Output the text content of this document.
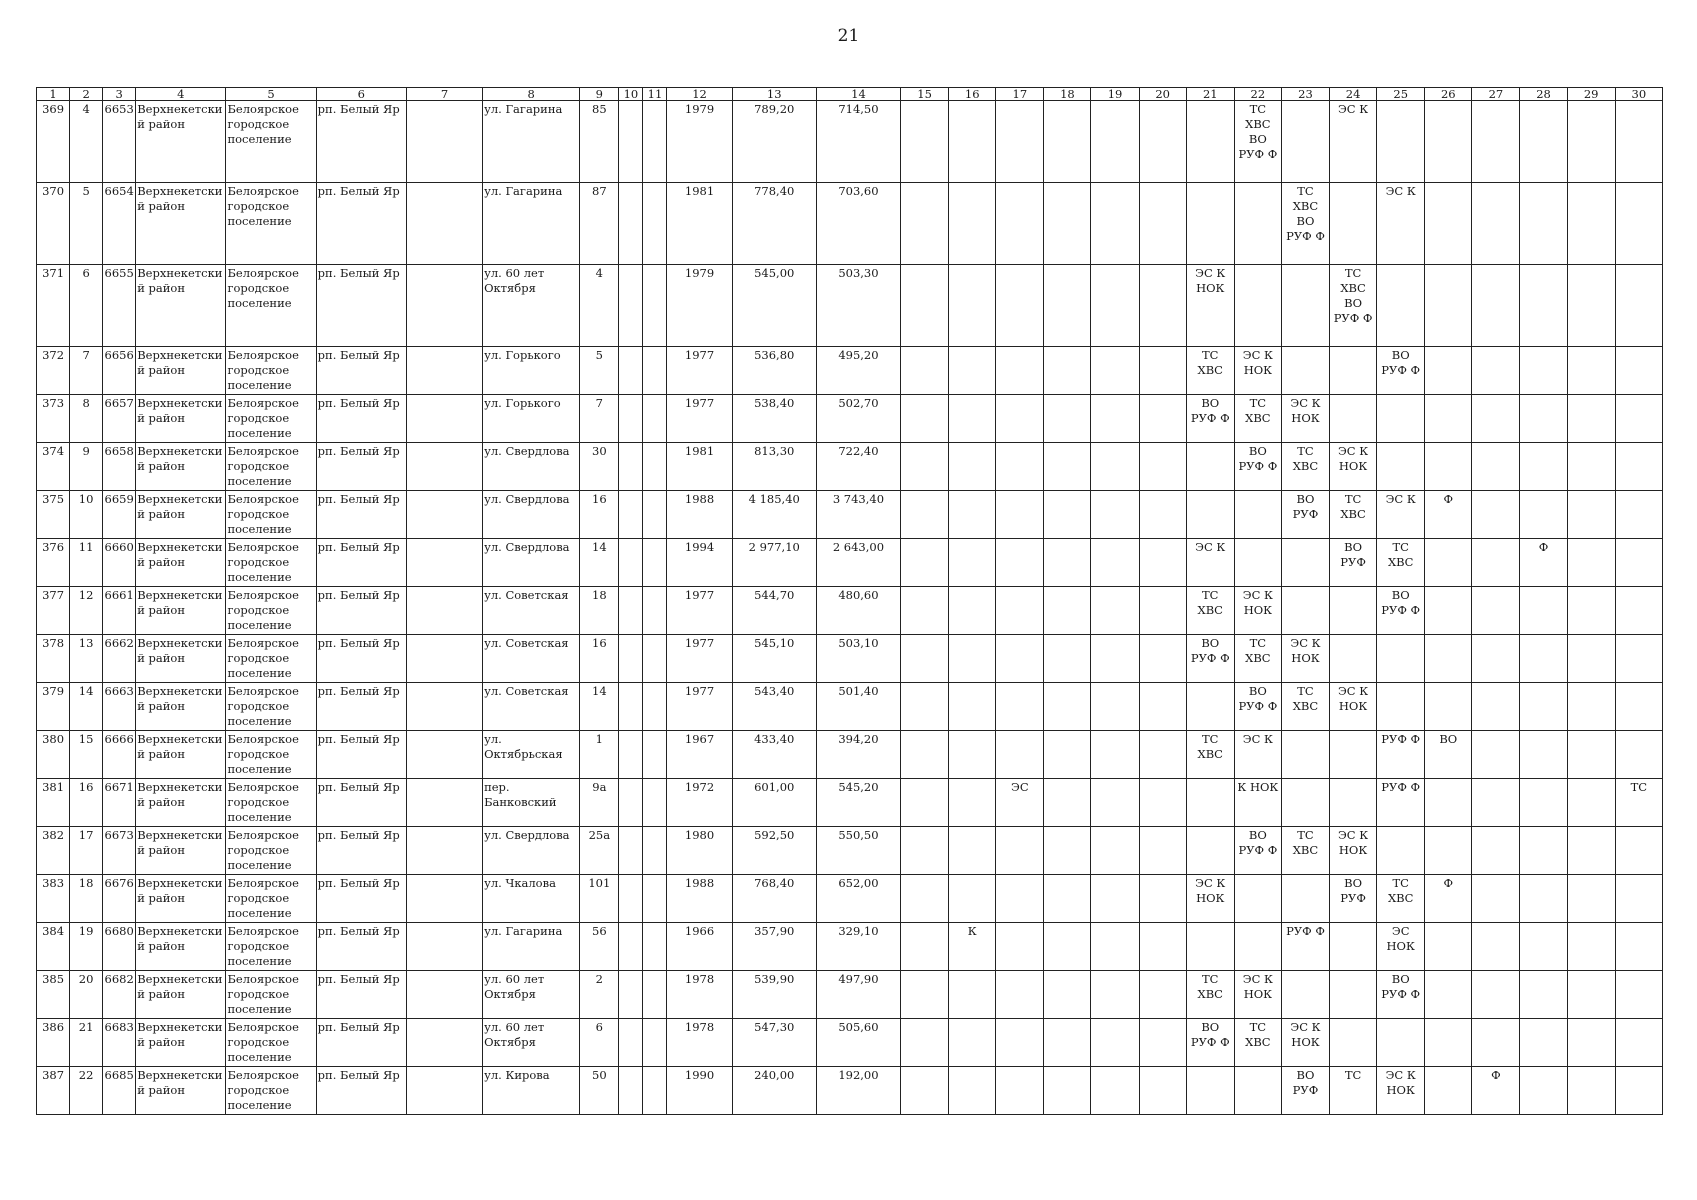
21
1	2	3	4	5	6	7	8	9	10	11	12	13	14	15	16	17	18	19	20	21	22	23	24	25	26	27	28	29	30
369	4	6653	Верхнекетский район	Белоярское городское поселение	рп. Белый Яр		ул. Гагарина	85			1979	789,20	714,50								ТС ХВС ВО РУФ Ф		ЭС К						
370	5	6654	Верхнекетский район	Белоярское городское поселение	рп. Белый Яр		ул. Гагарина	87			1981	778,40	703,60									ТС ХВС ВО РУФ Ф		ЭС К					
371	6	6655	Верхнекетский район	Белоярское городское поселение	рп. Белый Яр		ул. 60 лет Октября	4			1979	545,00	503,30							ЭС К НОК			ТС ХВС ВО РУФ Ф						
372	7	6656	Верхнекетский район	Белоярское городское поселение	рп. Белый Яр		ул. Горького	5			1977	536,80	495,20							ТС ХВС	ЭС К НОК			ВО РУФ Ф					
373	8	6657	Верхнекетский район	Белоярское городское поселение	рп. Белый Яр		ул. Горького	7			1977	538,40	502,70							ВО РУФ Ф	ТС ХВС	ЭС К НОК							
374	9	6658	Верхнекетский район	Белоярское городское поселение	рп. Белый Яр		ул. Свердлова	30			1981	813,30	722,40								ВО РУФ Ф	ТС ХВС	ЭС К НОК						
375	10	6659	Верхнекетский район	Белоярское городское поселение	рп. Белый Яр		ул. Свердлова	16			1988	4 185,40	3 743,40									ВО РУФ	ТС ХВС	ЭС К	Ф				
376	11	6660	Верхнекетский район	Белоярское городское поселение	рп. Белый Яр		ул. Свердлова	14			1994	2 977,10	2 643,00							ЭС К			ВО РУФ	ТС ХВС			Ф		
377	12	6661	Верхнекетский район	Белоярское городское поселение	рп. Белый Яр		ул. Советская	18			1977	544,70	480,60							ТС ХВС	ЭС К НОК			ВО РУФ Ф					
378	13	6662	Верхнекетский район	Белоярское городское поселение	рп. Белый Яр		ул. Советская	16			1977	545,10	503,10							ВО РУФ Ф	ТС ХВС	ЭС К НОК							
379	14	6663	Верхнекетский район	Белоярское городское поселение	рп. Белый Яр		ул. Советская	14			1977	543,40	501,40								ВО РУФ Ф	ТС ХВС	ЭС К НОК						
380	15	6666	Верхнекетский район	Белоярское городское поселение	рп. Белый Яр		ул. Октябрьская	1			1967	433,40	394,20							ТС ХВС	ЭС К			РУФ Ф	ВО				
381	16	6671	Верхнекетский район	Белоярское городское поселение	рп. Белый Яр		пер. Банковский	9а			1972	601,00	545,20			ЭС					К НОК			РУФ Ф					ТС
382	17	6673	Верхнекетский район	Белоярское городское поселение	рп. Белый Яр		ул. Свердлова	25а			1980	592,50	550,50								ВО РУФ Ф	ТС ХВС	ЭС К НОК						
383	18	6676	Верхнекетский район	Белоярское городское поселение	рп. Белый Яр		ул. Чкалова	101			1988	768,40	652,00							ЭС К НОК			ВО РУФ	ТС ХВС	Ф				
384	19	6680	Верхнекетский район	Белоярское городское поселение	рп. Белый Яр		ул. Гагарина	56			1966	357,90	329,10		К							РУФ Ф		ЭС НОК					
385	20	6682	Верхнекетский район	Белоярское городское поселение	рп. Белый Яр		ул. 60 лет Октября	2			1978	539,90	497,90							ТС ХВС	ЭС К НОК			ВО РУФ Ф					
386	21	6683	Верхнекетский район	Белоярское городское поселение	рп. Белый Яр		ул. 60 лет Октября	6			1978	547,30	505,60							ВО РУФ Ф	ТС ХВС	ЭС К НОК							
387	22	6685	Верхнекетский район	Белоярское городское поселение	рп. Белый Яр		ул. Кирова	50			1990	240,00	192,00									ВО РУФ	ТС	ЭС К НОК		Ф			
